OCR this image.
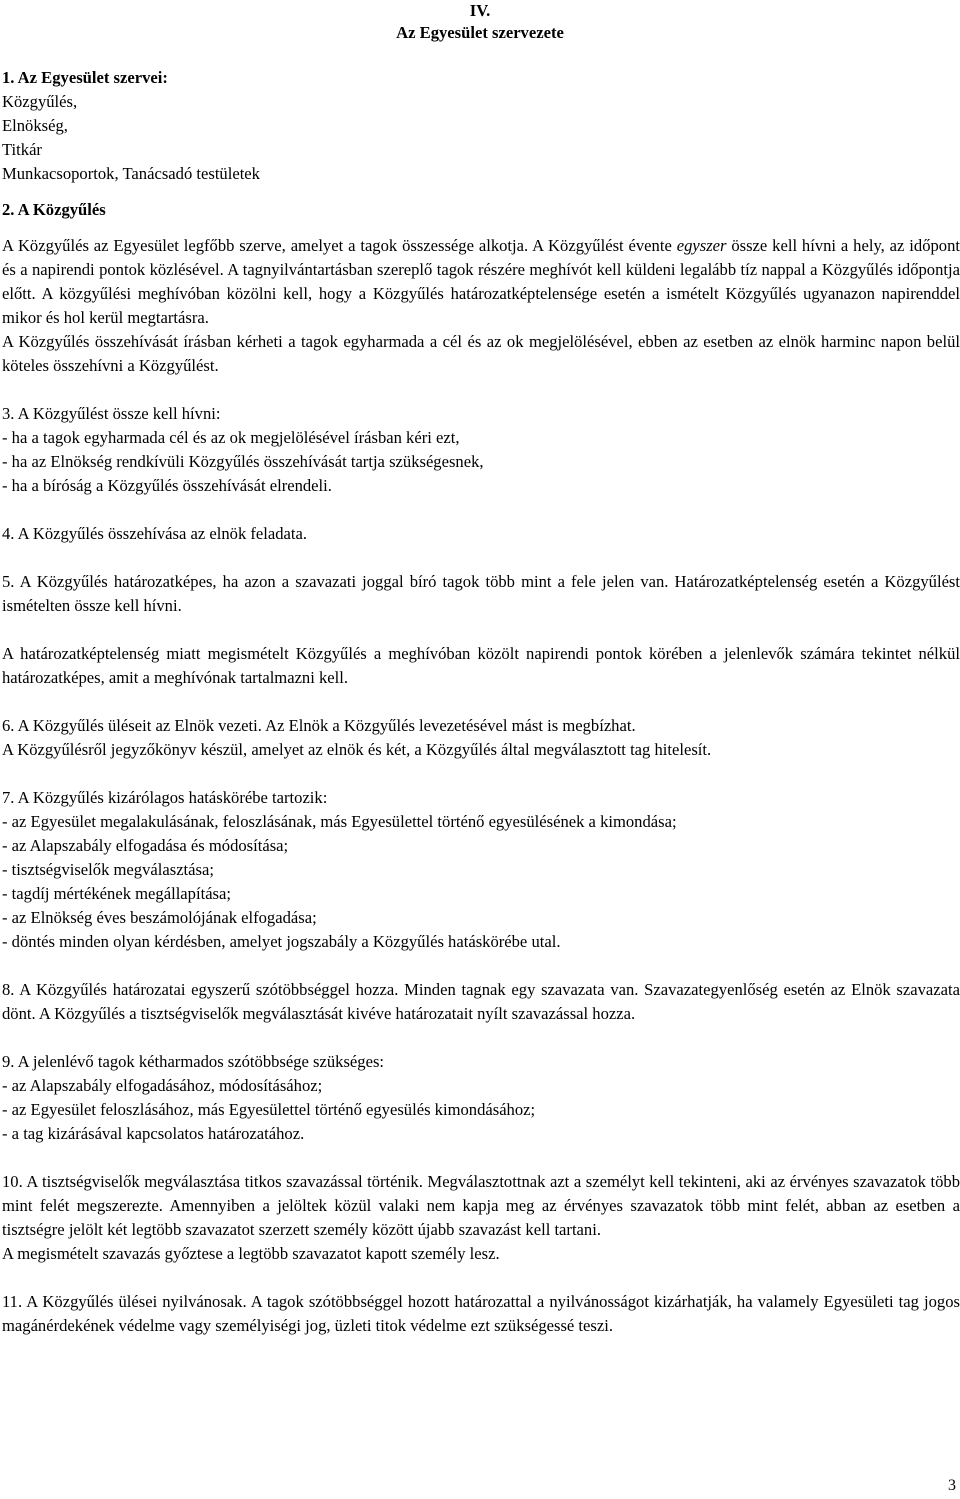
IV.
Az Egyesület szervezete
1. Az Egyesület szervei:
Közgyűlés,
Elnökség,
Titkár
Munkacsoportok, Tanácsadó testületek
2. A Közgyűlés
A Közgyűlés az Egyesület legfőbb szerve, amelyet a tagok összessége alkotja. A Közgyűlést évente egyszer össze kell hívni a hely, az időpont és a napirendi pontok közlésével. A tagnyilvántartásban szereplő tagok részére meghívót kell küldeni legalább tíz nappal a Közgyűlés időpontja előtt. A közgyűlési meghívóban közölni kell, hogy a Közgyűlés határozatképtelensége esetén a ismételt Közgyűlés ugyanazon napirenddel mikor és hol kerül megtartásra.
A Közgyűlés összehívását írásban kérheti a tagok egyharmada a cél és az ok megjelölésével, ebben az esetben az elnök harminc napon belül köteles összehívni a Közgyűlést.
3. A Közgyűlést össze kell hívni:
- ha a tagok egyharmada cél és az ok megjelölésével írásban kéri ezt,
- ha az Elnökség rendkívüli Közgyűlés összehívását tartja szükségesnek,
- ha a bíróság a Közgyűlés összehívását elrendeli.
4. A Közgyűlés összehívása az elnök feladata.
5. A Közgyűlés határozatképes, ha azon a szavazati joggal bíró tagok több mint a fele jelen van. Határozatképtelenség esetén a Közgyűlést ismételten össze kell hívni.
A határozatképtelenség miatt megismételt Közgyűlés a meghívóban közölt napirendi pontok körében a jelenlevők számára tekintet nélkül határozatképes, amit a meghívónak tartalmazni kell.
6. A Közgyűlés üléseit az Elnök vezeti. Az Elnök a Közgyűlés levezetésével mást is megbízhat.
A Közgyűlésről jegyzőkönyv készül, amelyet az elnök és két, a Közgyűlés által megválasztott tag hitelesít.
7. A Közgyűlés kizárólagos hatáskörébe tartozik:
- az Egyesület megalakulásának, feloszlásának, más Egyesülettel történő egyesülésének a kimondása;
- az Alapszabály elfogadása és módosítása;
- tisztségviselők megválasztása;
- tagdíj mértékének megállapítása;
- az Elnökség éves beszámolójának elfogadása;
- döntés minden olyan kérdésben, amelyet jogszabály a Közgyűlés hatáskörébe utal.
8. A Közgyűlés határozatai egyszerű szótöbbséggel hozza. Minden tagnak egy szavazata van. Szavazategyenlőség esetén az Elnök szavazata dönt. A Közgyűlés a tisztségviselők megválasztását kivéve határozatait nyílt szavazással hozza.
9. A jelenlévő tagok kétharmados szótöbbsége szükséges:
- az Alapszabály elfogadásához, módosításához;
- az Egyesület feloszlásához, más Egyesülettel történő egyesülés kimondásához;
- a tag kizárásával kapcsolatos határozatához.
10. A tisztségviselők megválasztása titkos szavazással történik. Megválasztottnak azt a személyt kell tekinteni, aki az érvényes szavazatok több mint felét megszerezte. Amennyiben a jelöltek közül valaki nem kapja meg az érvényes szavazatok több mint felét, abban az esetben a tisztségre jelölt két legtöbb szavazatot szerzett személy között újabb szavazást kell tartani.
A megismételt szavazás győztese a legtöbb szavazatot kapott személy lesz.
11. A Közgyűlés ülései nyilvánosak. A tagok szótöbbséggel hozott határozattal a nyilvánosságot kizárhatják, ha valamely Egyesületi tag jogos magánérdekének védelme vagy személyiségi jog, üzleti titok védelme ezt szükségessé teszi.
3
